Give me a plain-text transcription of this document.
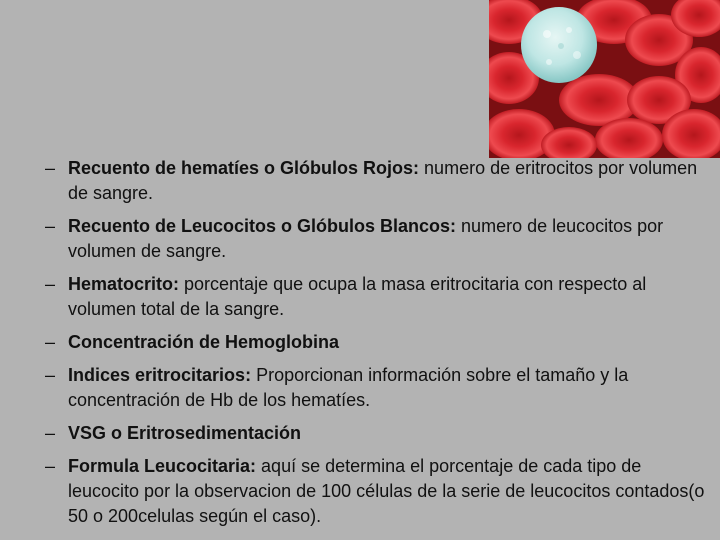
– Recuento de hematíes o Glóbulos Rojos: numero de eritrocitos por volumen de sangre.
– Recuento de Leucocitos o Glóbulos Blancos: numero de leucocitos por volumen de sangre.
– Hematocrito: porcentaje que ocupa la masa eritrocitaria con respecto al volumen total de la sangre.
– Concentración de Hemoglobina
– Indices eritrocitarios: Proporcionan información sobre el tamaño y la concentración de Hb de los hematíes.
– VSG o Eritrosedimentación
– Formula Leucocitaria: aquí se determina el porcentaje de cada tipo de leucocito por la observacion de 100 células de la serie de leucocitos contados(o 50 o 200celulas según el caso).
